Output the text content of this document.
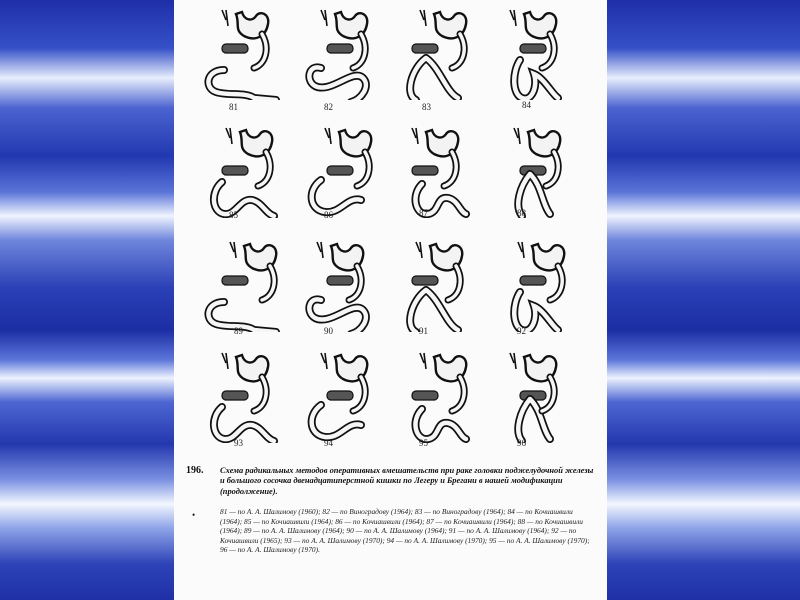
81	82	83	84
85	86	87	88
89	90	91	92
93	94	95	96
196. Схема радикальных методов оперативных вмешательств при раке головки поджелудочной железы и большого сосочка двенадцатиперстной кишки по Легеру и Брегани в нашей модификации (продолжение).
•	81 — по А. А. Шалимову (1960); 82 — по Виноградову (1964); 83 — по Виноградову (1964); 84 — по Кочиашвили (1964); 85 — по Кочиашвили (1964); 86 — по Кочиашвили (1964); 87 — по Кочиашвили (1964); 88 — по Кочиашвили (1964); 89 — по А. А. Шалимову (1964); 90 — по А. А. Шалимову (1964); 91 — по А. А. Шалимову (1964); 92 — по Кочиашвили (1965); 93 — по А. А. Шалимову (1970); 94 — по А. А. Шалимову (1970); 95 — по А. А. Шалимову (1970); 96 — по А. А. Шалимову (1970).
